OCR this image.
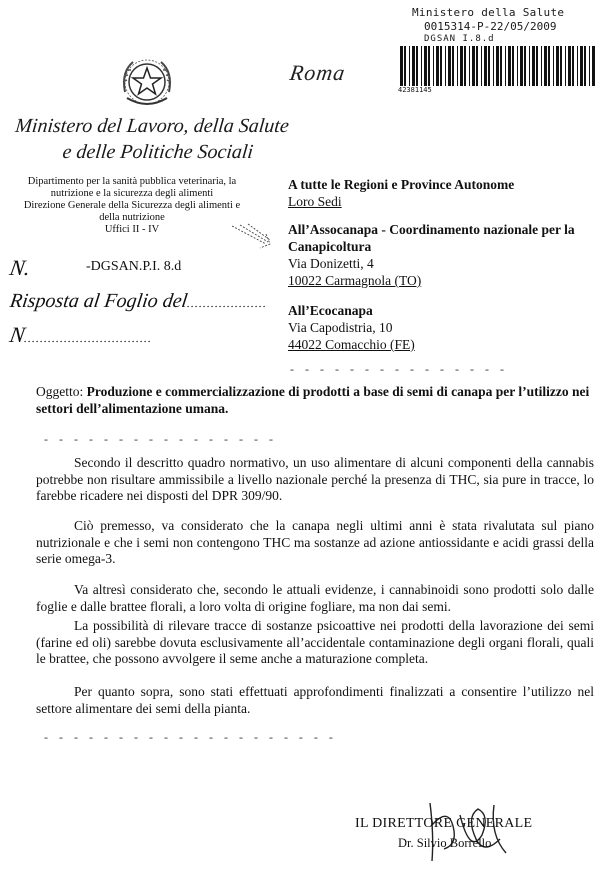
Ministero della Salute
0015314-P-22/05/2009
DGSAN I.8.d
42381145
Roma
Ministero del Lavoro, della Salute
e delle Politiche Sociali
Dipartimento per la sanità pubblica veterinaria, la
nutrizione e la sicurezza degli alimenti
Direzione Generale della Sicurezza degli alimenti e
della nutrizione
Uffici II - IV
N.	-DGSAN.P.I. 8.d
Risposta al Foglio del....................
N................................
A tutte le Regioni e Province Autonome
Loro Sedi
All’Assocanapa - Coordinamento nazionale per la Canapicoltura
Via Donizetti, 4
10022 Carmagnola (TO)
All’Ecocanapa
Via Capodistria, 10
44022 Comacchio (FE)
- - - - - - - - - - - - - - -
Oggetto: Produzione e commercializzazione di prodotti a base di semi di canapa per l’utilizzo nei settori dell’alimentazione umana.
- - - - - - - - - - - - - - - -
Secondo il descritto quadro normativo, un uso alimentare di alcuni componenti della cannabis potrebbe non risultare ammissibile a livello nazionale perché la presenza di THC, sia pure in tracce, lo farebbe ricadere nei disposti del DPR 309/90.
Ciò premesso, va considerato che la canapa negli ultimi anni è stata rivalutata sul piano nutrizionale e che i semi non contengono THC ma sostanze ad azione antiossidante e acidi grassi della serie omega-3.
Va altresì considerato che, secondo le attuali evidenze, i cannabinoidi sono prodotti solo dalle foglie e dalle brattee florali, a loro volta di origine fogliare, ma non dai semi.
La possibilità di rilevare tracce di sostanze psicoattive nei prodotti della lavorazione dei semi (farine ed oli) sarebbe dovuta esclusivamente all’accidentale contaminazione degli organi florali, quali le brattee, che possono avvolgere il seme anche a maturazione completa.
Per quanto sopra, sono stati effettuati approfondimenti finalizzati a consentire l’utilizzo nel settore alimentare dei semi della pianta.
- - - - - - - - - - - - - - - - - - - -
IL DIRETTORE GENERALE
Dr. Silvio Borrello
